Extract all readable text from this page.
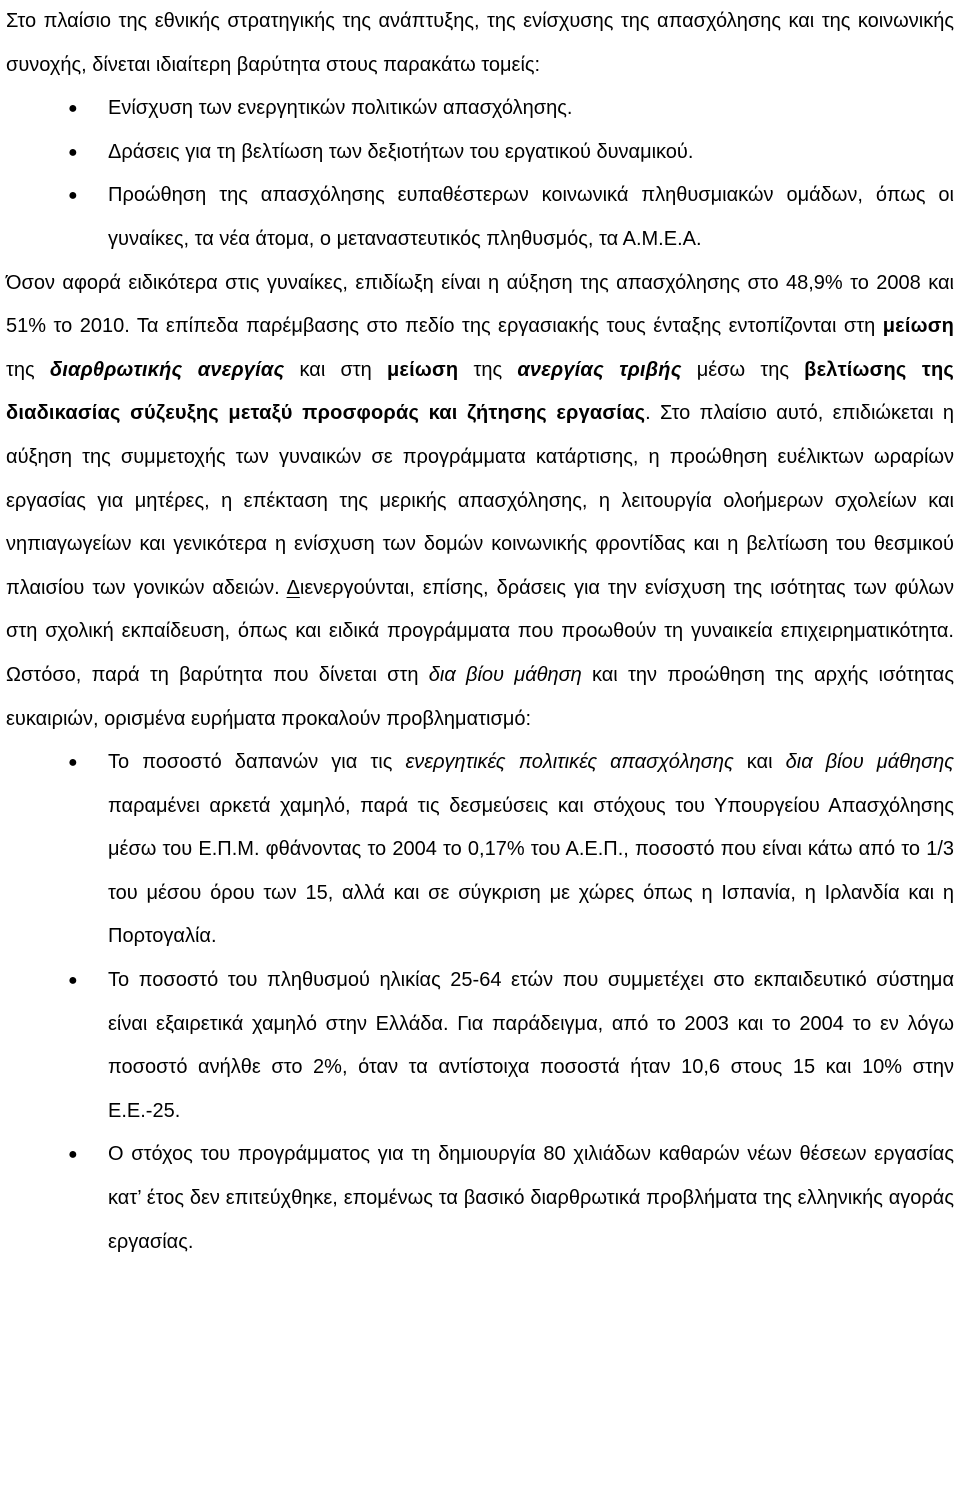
Στο πλαίσιο της εθνικής στρατηγικής της ανάπτυξης, της ενίσχυσης της απασχόλησης και της κοινωνικής συνοχής, δίνεται ιδιαίτερη βαρύτητα στους παρακάτω τομείς:

● Ενίσχυση των ενεργητικών πολιτικών απασχόλησης.
● Δράσεις για τη βελτίωση των δεξιοτήτων του εργατικού δυναμικού.
● Προώθηση της απασχόλησης ευπαθέστερων κοινωνικά πληθυσμιακών ομάδων, όπως οι γυναίκες, τα νέα άτομα, ο μεταναστευτικός πληθυσμός, τα Α.Μ.Ε.Α.

Όσον αφορά ειδικότερα στις γυναίκες, επιδίωξη είναι η αύξηση της απασχόλησης στο 48,9% το 2008 και 51% το 2010. Τα επίπεδα παρέμβασης στο πεδίο της εργασιακής τους ένταξης εντοπίζονται στη μείωση της διαρθρωτικής ανεργίας και στη μείωση της ανεργίας τριβής μέσω της βελτίωσης της διαδικασίας σύζευξης μεταξύ προσφοράς και ζήτησης εργασίας. Στο πλαίσιο αυτό, επιδιώκεται η αύξηση της συμμετοχής των γυναικών σε προγράμματα κατάρτισης, η προώθηση ευέλικτων ωραρίων εργασίας για μητέρες, η επέκταση της μερικής απασχόλησης, η λειτουργία ολοήμερων σχολείων και νηπιαγωγείων και γενικότερα η ενίσχυση των δομών κοινωνικής φροντίδας και η βελτίωση του θεσμικού πλαισίου των γονικών αδειών. Διενεργούνται, επίσης, δράσεις για την ενίσχυση της ισότητας των φύλων στη σχολική εκπαίδευση, όπως και ειδικά προγράμματα που προωθούν τη γυναικεία επιχειρηματικότητα. Ωστόσο, παρά τη βαρύτητα που δίνεται στη δια βίου μάθηση και την προώθηση της αρχής ισότητας ευκαιριών, ορισμένα ευρήματα προκαλούν προβληματισμό:

● Το ποσοστό δαπανών για τις ενεργητικές πολιτικές απασχόλησης και δια βίου μάθησης παραμένει αρκετά χαμηλό, παρά τις δεσμεύσεις και στόχους του Υπουργείου Απασχόλησης μέσω του Ε.Π.Μ. φθάνοντας το 2004 το 0,17% του Α.Ε.Π., ποσοστό που είναι κάτω από το 1/3 του μέσου όρου των 15, αλλά και σε σύγκριση με χώρες όπως η Ισπανία, η Ιρλανδία και η Πορτογαλία.
● Το ποσοστό του πληθυσμού ηλικίας 25-64 ετών που συμμετέχει στο εκπαιδευτικό σύστημα είναι εξαιρετικά χαμηλό στην Ελλάδα. Για παράδειγμα, από το 2003 και το 2004 το εν λόγω ποσοστό ανήλθε στο 2%, όταν τα αντίστοιχα ποσοστά ήταν 10,6 στους 15 και 10% στην Ε.Ε.-25.
● Ο στόχος του προγράμματος για τη δημιουργία 80 χιλιάδων καθαρών νέων θέσεων εργασίας κατ’ έτος δεν επιτεύχθηκε, επομένως τα βασικό διαρθρωτικά προβλήματα της ελληνικής αγοράς εργασίας.
